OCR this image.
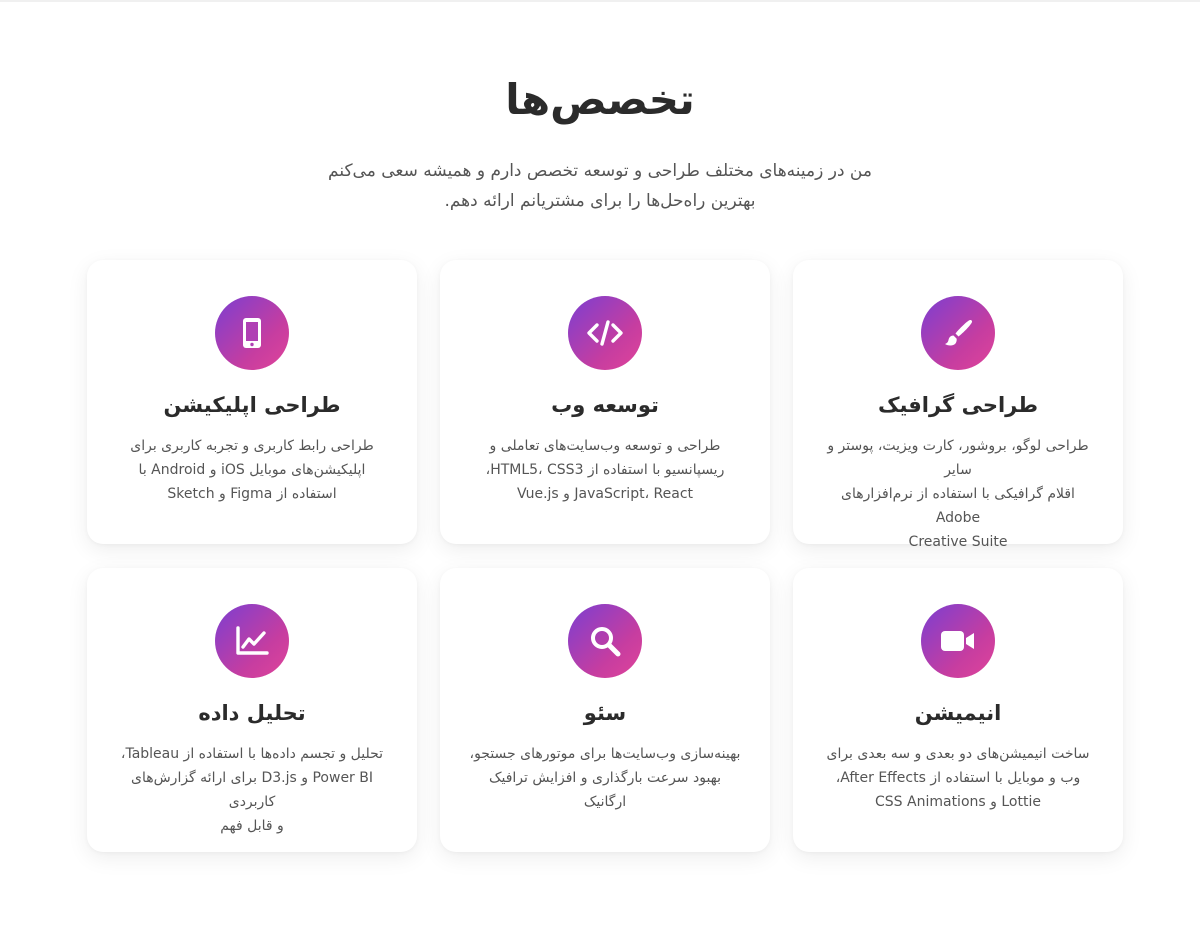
تخصص‌ها
من در زمینه‌های مختلف طراحی و توسعه تخصص دارم و همیشه سعی می‌کنم
بهترین راه‌حل‌ها را برای مشتریانم ارائه دهم.
طراحی گرافیک
طراحی لوگو، بروشور، کارت ویزیت، پوستر و سایر
اقلام گرافیکی با استفاده از نرم‌افزارهای Adobe
Creative Suite
توسعه وب
طراحی و توسعه وب‌سایت‌های تعاملی و
ریسپانسیو با استفاده از HTML5، CSS3،
JavaScript، React و Vue.js
طراحی اپلیکیشن
طراحی رابط کاربری و تجربه کاربری برای
اپلیکیشن‌های موبایل iOS و Android با
استفاده از Figma و Sketch
انیمیشن
ساخت انیمیشن‌های دو بعدی و سه بعدی برای
وب و موبایل با استفاده از After Effects،
Lottie و CSS Animations
سئو
بهینه‌سازی وب‌سایت‌ها برای موتورهای جستجو،
بهبود سرعت بارگذاری و افزایش ترافیک ارگانیک
تحلیل داده
تحلیل و تجسم داده‌ها با استفاده از Tableau،
Power BI و D3.js برای ارائه گزارش‌های کاربردی
و قابل فهم
